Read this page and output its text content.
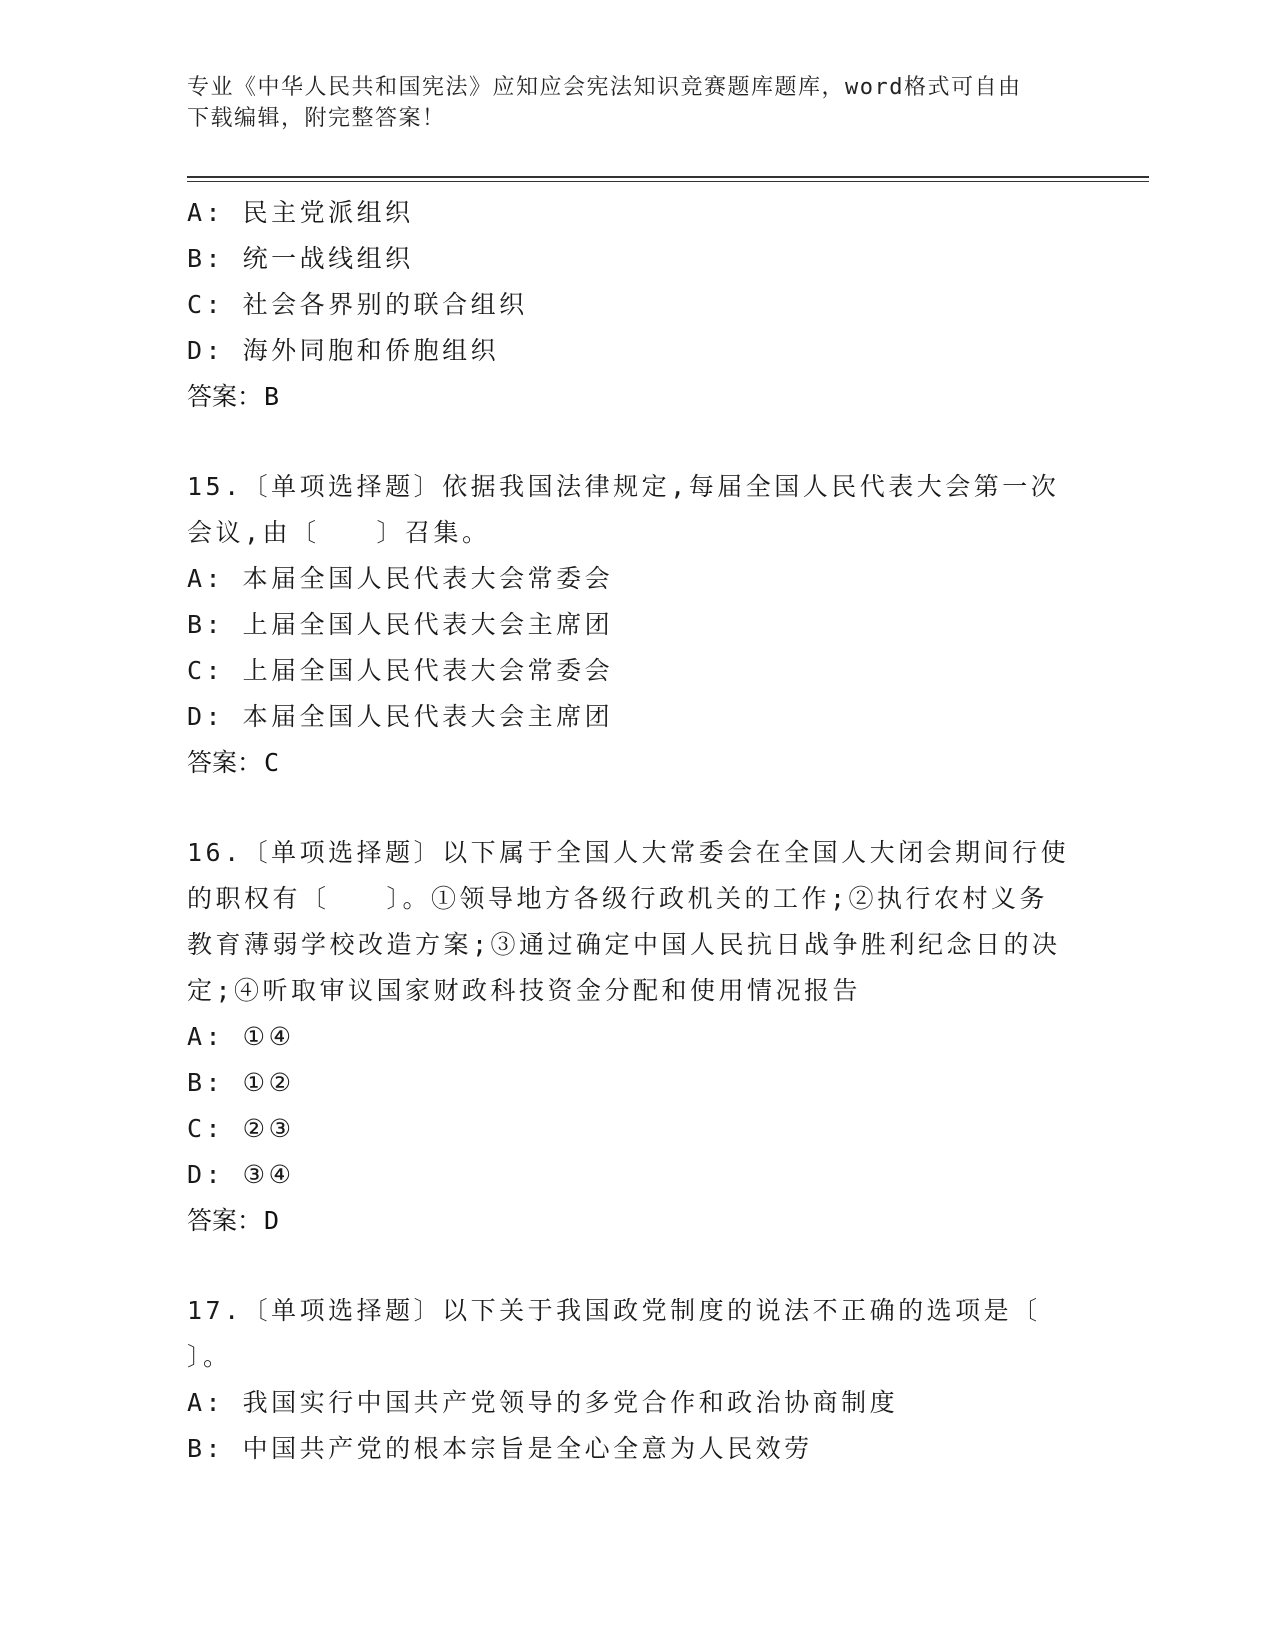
专业《中华人民共和国宪法》应知应会宪法知识竞赛题库题库，word格式可自由
下载编辑，附完整答案！
A: 民主党派组织
B: 统一战线组织
C: 社会各界别的联合组织
D: 海外同胞和侨胞组织
答案：B
15.〔单项选择题〕依据我国法律规定,每届全国人民代表大会第一次
会议,由〔　　〕召集。
A: 本届全国人民代表大会常委会
B: 上届全国人民代表大会主席团
C: 上届全国人民代表大会常委会
D: 本届全国人民代表大会主席团
答案：C
16.〔单项选择题〕以下属于全国人大常委会在全国人大闭会期间行使
的职权有〔　　〕。①领导地方各级行政机关的工作;②执行农村义务
教育薄弱学校改造方案;③通过确定中国人民抗日战争胜利纪念日的决
定;④听取审议国家财政科技资金分配和使用情况报告
A: ①④
B: ①②
C: ②③
D: ③④
答案：D
17.〔单项选择题〕以下关于我国政党制度的说法不正确的选项是〔
〕。
A: 我国实行中国共产党领导的多党合作和政治协商制度
B: 中国共产党的根本宗旨是全心全意为人民效劳
